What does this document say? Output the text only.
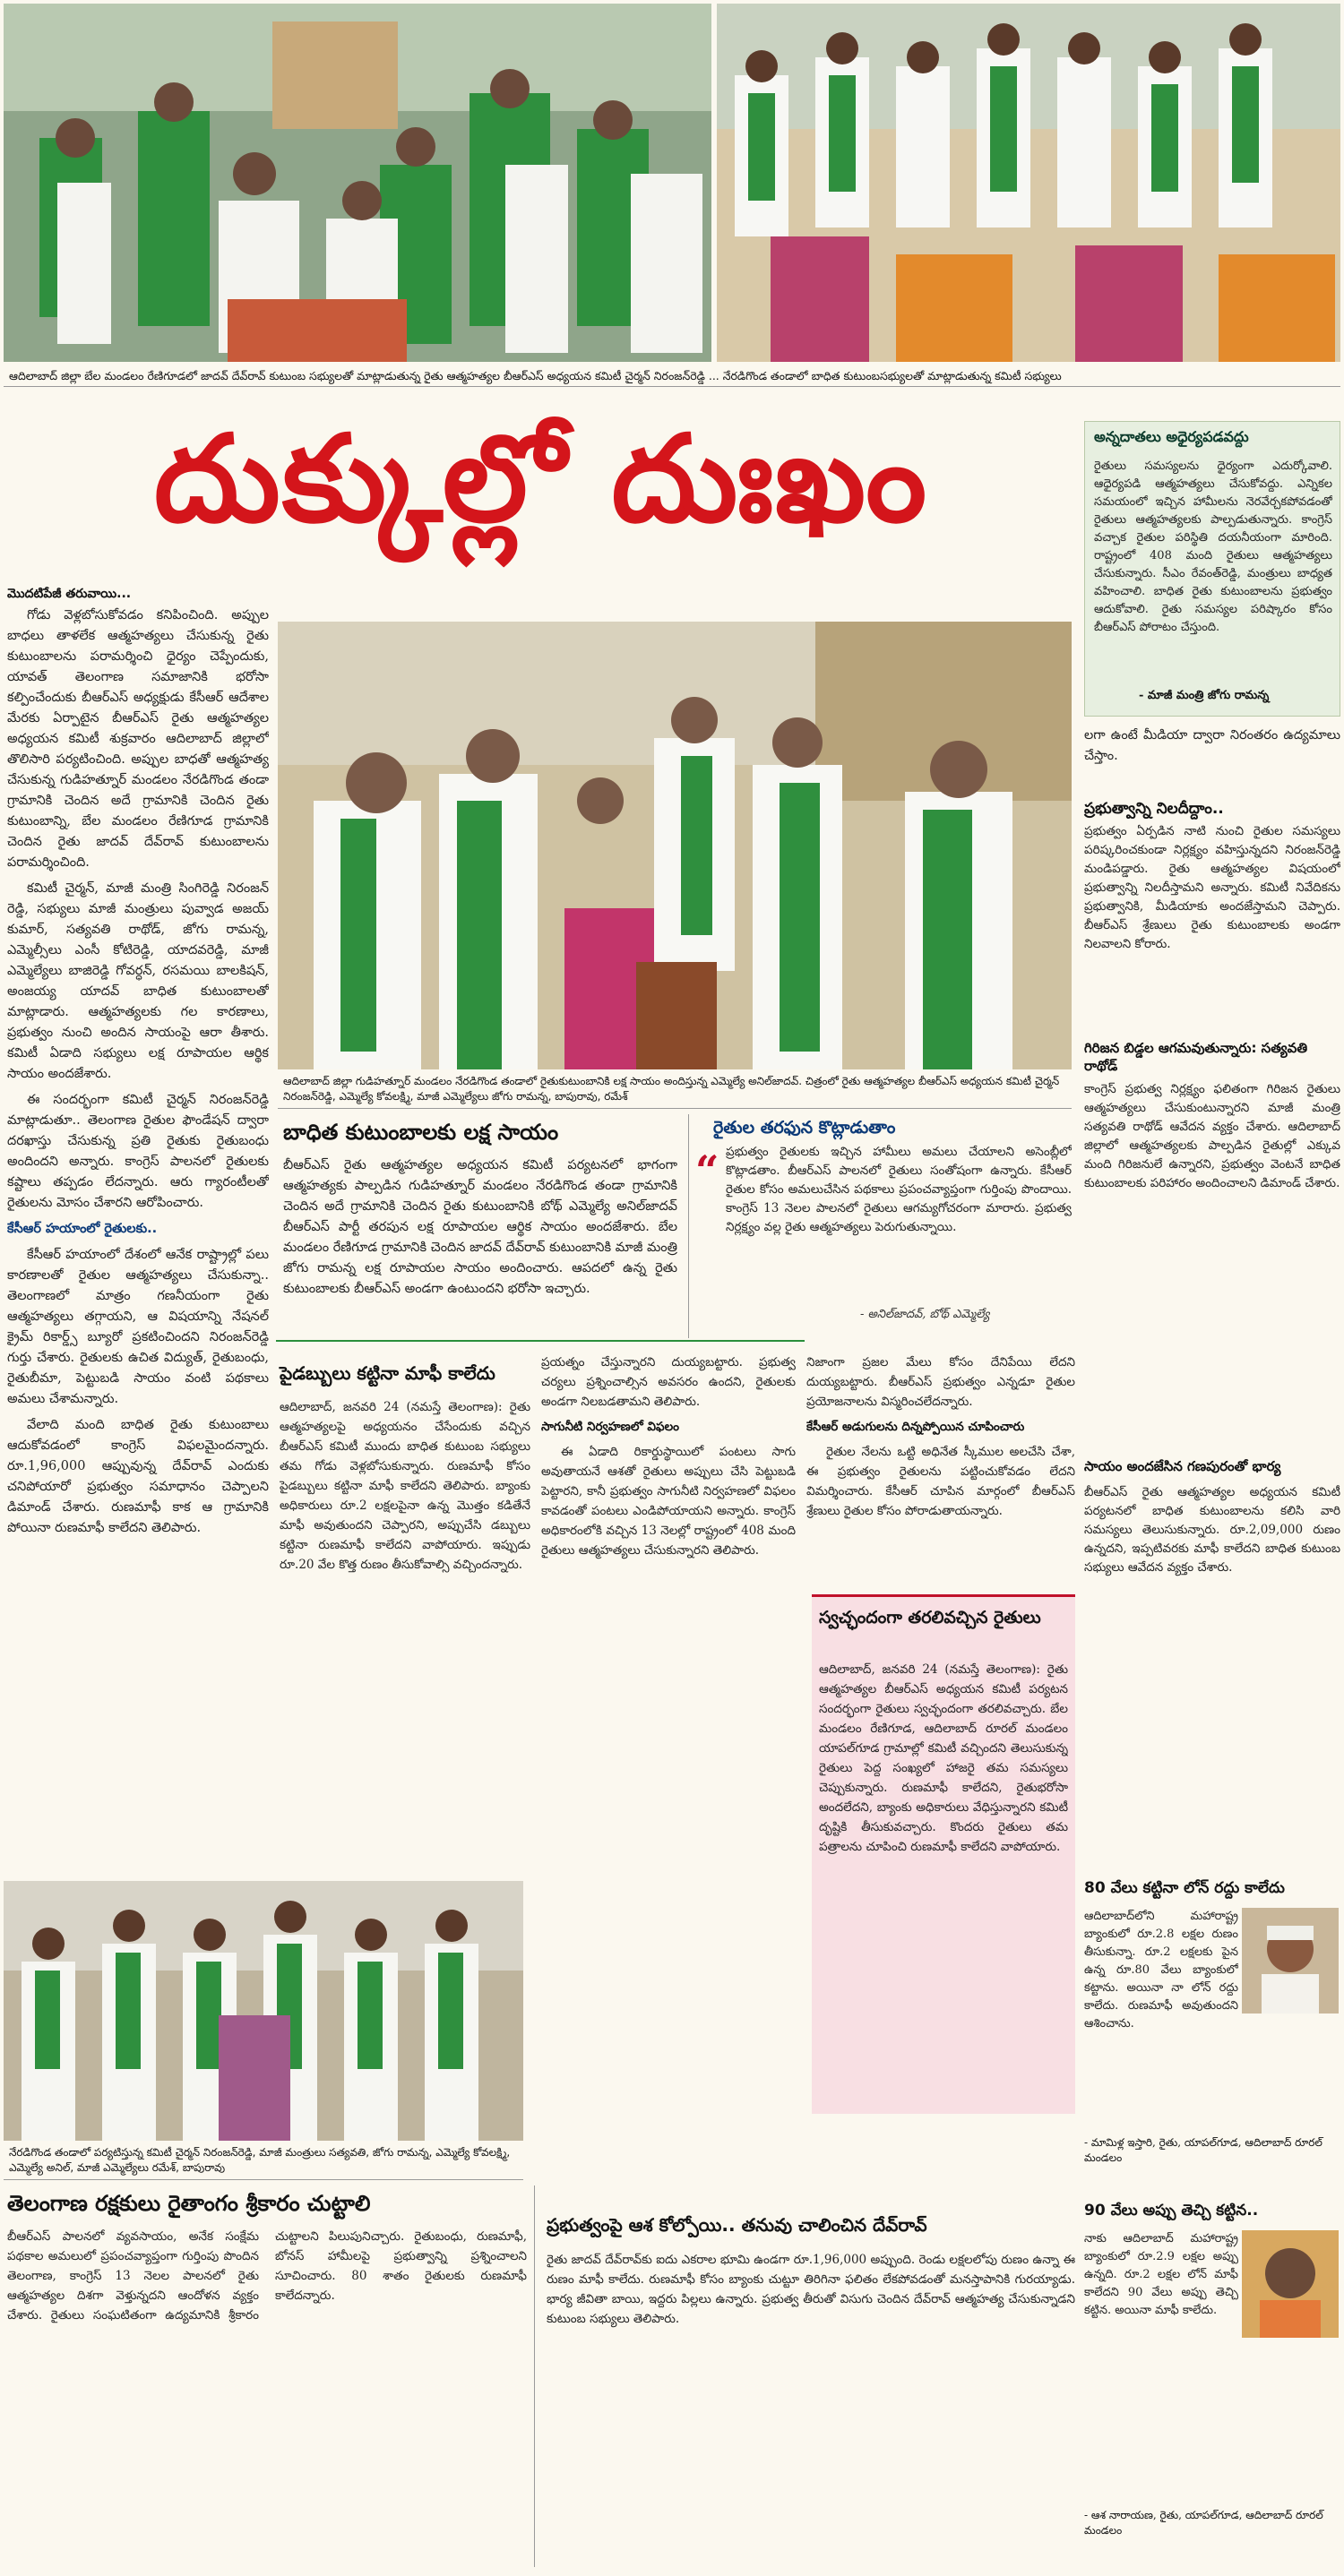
ఆదిలాబాద్ జిల్లా బేల మండలం రేణిగూడలో జాదవ్ దేవ్‌రావ్ కుటుంబ సభ్యులతో మాట్లాడుతున్న రైతు ఆత్మహత్యల బీఆర్ఎస్ అధ్యయన కమిటీ చైర్మన్ నిరంజన్‌రెడ్డి ... నేరడిగొండ తండాలో బాధిత కుటుంబసభ్యులతో మాట్లాడుతున్న కమిటీ సభ్యులు
దుక్కుల్లో దుఃఖం	అన్నదాతలు అధైర్యపడవద్దు
రైతులు సమస్యలను ధైర్యంగా ఎదుర్కోవాలి. ఆధైర్యపడి ఆత్మహత్యలు చేసుకోవద్దు. ఎన్నికల సమయంలో ఇచ్చిన హామీలను నెరవేర్చకపోవడంతో రైతులు ఆత్మహత్యలకు పాల్పడుతున్నారు. కాంగ్రెస్ వచ్చాక రైతుల పరిస్థితి దయనీయంగా మారింది. రాష్ట్రంలో 408 మంది రైతులు ఆత్మహత్యలు చేసుకున్నారు. సీఎం రేవంత్‌రెడ్డి, మంత్రులు బాధ్యత వహించాలి. బాధిత రైతు కుటుంబాలను ప్రభుత్వం ఆదుకోవాలి. రైతు సమస్యల పరిష్కారం కోసం బీఆర్ఎస్ పోరాటం చేస్తుంది.
- మాజీ మంత్రి జోగు రామన్న
మొదటిపేజీ తరువాయి...

గోడు వెళ్లబోసుకోవడం కనిపించింది. అప్పుల బాధలు తాళలేక ఆత్మహత్యలు చేసుకున్న రైతు కుటుంబాలను పరామర్శించి ధైర్యం చెప్పేందుకు, యావత్ తెలంగాణ సమాజానికి భరోసా కల్పించేందుకు బీఆర్ఎస్ అధ్యక్షుడు కేసీఆర్ ఆదేశాల మేరకు ఏర్పాటైన బీఆర్ఎస్ రైతు ఆత్మహత్యల అధ్యయన కమిటీ శుక్రవారం ఆదిలాబాద్ జిల్లాలో తొలిసారి పర్యటించింది. అప్పుల బాధతో ఆత్మహత్య చేసుకున్న గుడిహత్నూర్ మండలం నేరడిగొండ తండా గ్రామానికి చెందిన అదే గ్రామానికి చెందిన రైతు కుటుంబాన్ని, బేల మండలం రేణిగూడ గ్రామానికి చెందిన రైతు జాదవ్ దేవ్‌రావ్ కుటుంబాలను పరామర్శించింది.

కమిటీ చైర్మన్, మాజీ మంత్రి సింగిరెడ్డి నిరంజన్ రెడ్డి, సభ్యులు మాజీ మంత్రులు పువ్వాడ అజయ్ కుమార్, సత్యవతి రాథోడ్, జోగు రామన్న, ఎమ్మెల్సీలు ఎంసీ కోటిరెడ్డి, యాదవరెడ్డి, మాజీ ఎమ్మెల్యేలు బాజిరెడ్డి గోవర్ధన్, రసమయి బాలకిషన్, అంజయ్య యాదవ్ బాధిత కుటుంబాలతో మాట్లాడారు. ఆత్మహత్యలకు గల కారణాలు, ప్రభుత్వం నుంచి అందిన సాయంపై ఆరా తీశారు. కమిటీ ఏడాది సభ్యులు లక్ష రూపాయల ఆర్థిక సాయం అందజేశారు.

ఈ సందర్భంగా కమిటీ చైర్మన్ నిరంజన్‌రెడ్డి మాట్లాడుతూ.. తెలంగాణ రైతుల ఫౌండేషన్ ద్వారా దరఖాస్తు చేసుకున్న ప్రతి రైతుకు రైతుబంధు అందిందని అన్నారు. కాంగ్రెస్ పాలనలో రైతులకు కష్టాలు తప్పడం లేదన్నారు. ఆరు గ్యారంటీలతో రైతులను మోసం చేశారని ఆరోపించారు.

కేసీఆర్ హయాంలో రైతులకు..

కేసీఆర్ హయాంలో దేశంలో ఆనేక రాష్ట్రాల్లో పలు కారణాలతో రైతుల ఆత్మహత్యలు చేసుకున్నా.. తెలంగాణలో మాత్రం గణనీయంగా రైతు ఆత్మహత్యలు తగ్గాయని, ఆ విషయాన్ని నేషనల్ క్రైమ్ రికార్డ్స్ బ్యూరో ప్రకటించిందని నిరంజన్‌రెడ్డి గుర్తు చేశారు. రైతులకు ఉచిత విద్యుత్, రైతుబంధు, రైతుబీమా, పెట్టుబడి సాయం వంటి పథకాలు అమలు చేశామన్నారు.

వేలాది మంది బాధిత రైతు కుటుంబాలు ఆదుకోవడంలో కాంగ్రెస్ విఫలమైందన్నారు. రూ.1,96,000 ఆప్పువున్న దేవ్‌రావ్ ఎందుకు చనిపోయారో ప్రభుత్వం సమాధానం చెప్పాలని డిమాండ్ చేశారు. రుణమాఫీ కాక ఆ గ్రామానికి పోయినా రుణమాఫీ కాలేదని తెలిపారు.

ఆదిలాబాద్ జిల్లా గుడిహత్నూర్ మండలం నేరడిగొండ తండాలో రైతుకుటుంబానికి లక్ష సాయం అందిస్తున్న ఎమ్మెల్యే అనిల్‌జాదవ్. చిత్రంలో రైతు ఆత్మహత్యల బీఆర్ఎస్ అధ్యయన కమిటీ చైర్మన్ నిరంజన్‌రెడ్డి, ఎమ్మెల్యే కోవలక్ష్మి, మాజీ ఎమ్మెల్యేలు జోగు రామన్న, బాపురావు, రమేశ్
బాధిత కుటుంబాలకు లక్ష సాయం
బీఆర్ఎస్ రైతు ఆత్మహత్యల అధ్యయన కమిటీ పర్యటనలో భాగంగా ఆత్మహత్యకు పాల్పడిన గుడిహత్నూర్ మండలం నేరడిగొండ తండా గ్రామానికి చెందిన అదే గ్రామానికి చెందిన రైతు కుటుంబానికి బోథ్ ఎమ్మెల్యే అనిల్‌జాదవ్ బీఆర్ఎస్ పార్టీ తరపున లక్ష రూపాయల ఆర్థిక సాయం అందజేశారు. బేల మండలం రేణిగూడ గ్రామానికి చెందిన జాదవ్ దేవ్‌రావ్ కుటుంబానికి మాజీ మంత్రి జోగు రామన్న లక్ష రూపాయల సాయం అందించారు. ఆపదలో ఉన్న రైతు కుటుంబాలకు బీఆర్ఎస్ అండగా ఉంటుందని భరోసా ఇచ్చారు.
రైతుల తరఫున కొట్లాడుతాం
“ ప్రభుత్వం రైతులకు ఇచ్చిన హామీలు అమలు చేయాలని అసెంబ్లీలో కొట్లాడతాం. బీఆర్ఎస్ పాలనలో రైతులు సంతోషంగా ఉన్నారు. కేసీఆర్ రైతుల కోసం అమలుచేసిన పథకాలు ప్రపంచవ్యాప్తంగా గుర్తింపు పొందాయి. కాంగ్రెస్ 13 నెలల పాలనలో రైతులు ఆగమ్యగోచరంగా మారారు. ప్రభుత్వ నిర్లక్ష్యం వల్ల రైతు ఆత్మహత్యలు పెరుగుతున్నాయి.
- అనిల్‌జాదవ్, బోథ్ ఎమ్మెల్యే

లగా ఉంటే మీడియా ద్వారా నిరంతరం ఉద్యమాలు చేస్తాం.

ప్రభుత్వాన్ని నిలదీద్దాం..
ప్రభుత్వం ఏర్పడిన నాటి నుంచి రైతుల సమస్యలు పరిష్కరించకుండా నిర్లక్ష్యం వహిస్తున్నదని నిరంజన్‌రెడ్డి మండిపడ్డారు. రైతు ఆత్మహత్యల విషయంలో ప్రభుత్వాన్ని నిలదీస్తామని అన్నారు. కమిటీ నివేదికను ప్రభుత్వానికి, మీడియాకు అందజేస్తామని చెప్పారు. బీఆర్ఎస్ శ్రేణులు రైతు కుటుంబాలకు అండగా నిలవాలని కోరారు.
గిరిజన బిడ్డల ఆగమవుతున్నారు: సత్యవతి రాథోడ్
కాంగ్రెస్ ప్రభుత్వ నిర్లక్ష్యం ఫలితంగా గిరిజన రైతులు ఆత్మహత్యలు చేసుకుంటున్నారని మాజీ మంత్రి సత్యవతి రాథోడ్ ఆవేదన వ్యక్తం చేశారు. ఆదిలాబాద్ జిల్లాలో ఆత్మహత్యలకు పాల్పడిన రైతుల్లో ఎక్కువ మంది గిరిజనులే ఉన్నారని, ప్రభుత్వం వెంటనే బాధిత కుటుంబాలకు పరిహారం అందించాలని డిమాండ్ చేశారు.
సాయం అందజేసిన గణపురంతో భార్య
బీఆర్ఎస్ రైతు ఆత్మహత్యల అధ్యయన కమిటీ పర్యటనలో బాధిత కుటుంబాలను కలిసి వారి సమస్యలు తెలుసుకున్నారు. రూ.2,09,000 రుణం ఉన్నదని, ఇప్పటివరకు మాఫీ కాలేదని బాధిత కుటుంబ సభ్యులు ఆవేదన వ్యక్తం చేశారు.
పైడబ్బులు కట్టినా మాఫీ కాలేదు
ఆదిలాబాద్, జనవరి 24 (నమస్తే తెలంగాణ): రైతు ఆత్మహత్యలపై అధ్యయనం చేసేందుకు వచ్చిన బీఆర్ఎస్ కమిటీ ముందు బాధిత కుటుంబ సభ్యులు తమ గోడు వెళ్లబోసుకున్నారు. రుణమాఫీ కోసం పైడబ్బులు కట్టినా మాఫీ కాలేదని తెలిపారు. బ్యాంకు అధికారులు రూ.2 లక్షలపైనా ఉన్న మొత్తం కడితేనే మాఫీ అవుతుందని చెప్పారని, అప్పుచేసి డబ్బులు కట్టినా రుణమాఫీ కాలేదని వాపోయారు. ఇప్పుడు రూ.20 వేల కొత్త రుణం తీసుకోవాల్సి వచ్చిందన్నారు.

ప్రయత్నం చేస్తున్నారని దుయ్యబట్టారు. ప్రభుత్వ చర్యలు ప్రశ్నించాల్సిన అవసరం ఉందని, రైతులకు అండగా నిలబడతామని తెలిపారు.

సాగునీటి నిర్వహణలో విఫలం

ఈ ఏడాది రికార్డుస్థాయిలో పంటలు సాగు అవుతాయనే ఆశతో రైతులు అప్పులు చేసి పెట్టుబడి పెట్టారని, కానీ ప్రభుత్వం సాగునీటి నిర్వహణలో విఫలం కావడంతో పంటలు ఎండిపోయాయని అన్నారు. కాంగ్రెస్ అధికారంలోకి వచ్చిన 13 నెలల్లో రాష్ట్రంలో 408 మంది రైతులు ఆత్మహత్యలు చేసుకున్నారని తెలిపారు.

నిజాంగా ప్రజల మేలు కోసం దేనిపేయి లేదని దుయ్యబట్టారు. బీఆర్ఎస్ ప్రభుత్వం ఎన్నడూ రైతుల ప్రయోజనాలను విస్మరించలేదన్నారు.

కేసీఆర్ అడుగులను దిన్నప్పోయిన చూపించారు

రైతుల నేలను ఒట్టి అధినేత స్కీముల అలచేసి చేశా, ఈ ప్రభుత్వం రైతులను పట్టించుకోవడం లేదని విమర్శించారు. కేసీఆర్ చూపిన మార్గంలో బీఆర్ఎస్ శ్రేణులు రైతుల కోసం పోరాడుతాయన్నారు.

స్వచ్ఛందంగా తరలివచ్చిన రైతులు
ఆదిలాబాద్, జనవరి 24 (నమస్తే తెలంగాణ): రైతు ఆత్మహత్యల బీఆర్ఎస్ అధ్యయన కమిటీ పర్యటన సందర్భంగా రైతులు స్వచ్ఛందంగా తరలివచ్చారు. బేల మండలం రేణిగూడ, ఆదిలాబాద్ రూరల్ మండలం యాపల్‌గూడ గ్రామాల్లో కమిటీ వచ్చిందని తెలుసుకున్న రైతులు పెద్ద సంఖ్యలో హాజరై తమ సమస్యలు చెప్పుకున్నారు. రుణమాఫీ కాలేదని, రైతుభరోసా అందలేదని, బ్యాంకు అధికారులు వేధిస్తున్నారని కమిటీ దృష్టికి తీసుకువచ్చారు. కొందరు రైతులు తమ పత్రాలను చూపించి రుణమాఫీ కాలేదని వాపోయారు.
80 వేలు కట్టినా లోన్ రద్దు కాలేదు
ఆదిలాబాద్‌లోని మహారాష్ట్ర బ్యాంకులో రూ.2.8 లక్షల రుణం తీసుకున్నా. రూ.2 లక్షలకు పైన ఉన్న రూ.80 వేలు బ్యాంకులో కట్టాను. అయినా నా లోన్ రద్దు కాలేదు. రుణమాఫీ అవుతుందని ఆశించాను.
- మామిళ్ల ఇస్తారి, రైతు, యాపల్‌గూడ, ఆదిలాబాద్ రూరల్ మండలం
90 వేలు అప్పు తెచ్చి కట్టిన..
నాకు ఆదిలాబాద్ మహారాష్ట్ర బ్యాంకులో రూ.2.9 లక్షల అప్పు ఉన్నది. రూ.2 లక్షల లోన్ మాఫీ కాలేదని 90 వేలు అప్పు తెచ్చి కట్టిన. అయినా మాఫీ కాలేదు.
- ఆశ నారాయణ, రైతు, యాపల్‌గూడ, ఆదిలాబాద్ రూరల్ మండలం
నేరడిగొండ తండాలో పర్యటిస్తున్న కమిటీ చైర్మన్ నిరంజన్‌రెడ్డి, మాజీ మంత్రులు సత్యవతి, జోగు రామన్న, ఎమ్మెల్యే కోవలక్ష్మి, ఎమ్మెల్యే అనిల్, మాజీ ఎమ్మెల్యేలు రమేశ్, బాపురావు
తెలంగాణ రక్షకులు రైతాంగం శ్రీకారం చుట్టాలి
బీఆర్ఎస్ పాలనలో వ్యవసాయం, అనేక సంక్షేమ పథకాల అమలులో ప్రపంచవ్యాప్తంగా గుర్తింపు పొందిన తెలంగాణ, కాంగ్రెస్ 13 నెలల పాలనలో రైతు ఆత్మహత్యల దిశగా వెళ్తున్నదని ఆందోళన వ్యక్తం చేశారు. రైతులు సంఘటితంగా ఉద్యమానికి శ్రీకారం చుట్టాలని పిలుపునిచ్చారు. రైతుబంధు, రుణమాఫీ, బోనస్ హామీలపై ప్రభుత్వాన్ని ప్రశ్నించాలని సూచించారు. 80 శాతం రైతులకు రుణమాఫీ కాలేదన్నారు.
ప్రభుత్వంపై ఆశ కోల్పోయి.. తనువు చాలించిన దేవ్‌రావ్
రైతు జాదవ్ దేవ్‌రావ్‌కు ఐదు ఎకరాల భూమి ఉండగా రూ.1,96,000 అప్పుంది. రెండు లక్షలలోపు రుణం ఉన్నా ఈ రుణం మాఫీ కాలేదు. రుణమాఫీ కోసం బ్యాంకు చుట్టూ తిరిగినా ఫలితం లేకపోవడంతో మనస్తాపానికి గురయ్యాడు. భార్య జీవితా బాయి, ఇద్దరు పిల్లలు ఉన్నారు. ప్రభుత్వ తీరుతో విసుగు చెందిన దేవ్‌రావ్ ఆత్మహత్య చేసుకున్నాడని కుటుంబ సభ్యులు తెలిపారు.
